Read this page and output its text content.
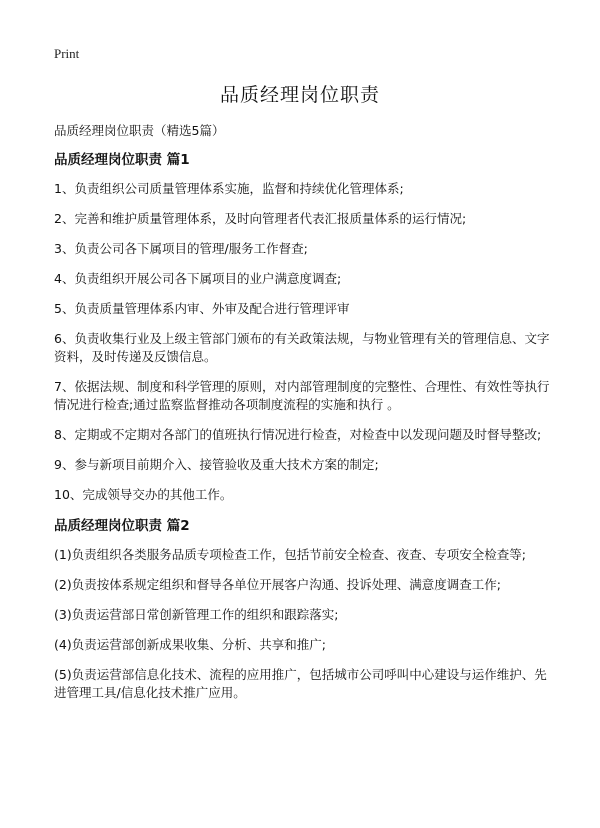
Print
品质经理岗位职责
品质经理岗位职责（精选5篇）
品质经理岗位职责 篇1

1、负责组织公司质量管理体系实施，监督和持续优化管理体系;

2、完善和维护质量管理体系，及时向管理者代表汇报质量体系的运行情况;

3、负责公司各下属项目的管理/服务工作督查;

4、负责组织开展公司各下属项目的业户满意度调查;

5、负责质量管理体系内审、外审及配合进行管理评审

6、负责收集行业及上级主管部门颁布的有关政策法规，与物业管理有关的管理信息、文字资料，及时传递及反馈信息。

7、依据法规、制度和科学管理的原则，对内部管理制度的完整性、合理性、有效性等执行情况进行检查;通过监察监督推动各项制度流程的实施和执行 。

8、定期或不定期对各部门的值班执行情况进行检查，对检查中以发现问题及时督导整改;

9、参与新项目前期介入、接管验收及重大技术方案的制定;

10、完成领导交办的其他工作。

品质经理岗位职责 篇2

(1)负责组织各类服务品质专项检查工作，包括节前安全检查、夜查、专项安全检查等;

(2)负责按体系规定组织和督导各单位开展客户沟通、投诉处理、满意度调查工作;

(3)负责运营部日常创新管理工作的组织和跟踪落实;

(4)负责运营部创新成果收集、分析、共享和推广;

(5)负责运营部信息化技术、流程的应用推广，包括城市公司呼叫中心建设与运作维护、先进管理工具/信息化技术推广应用。
